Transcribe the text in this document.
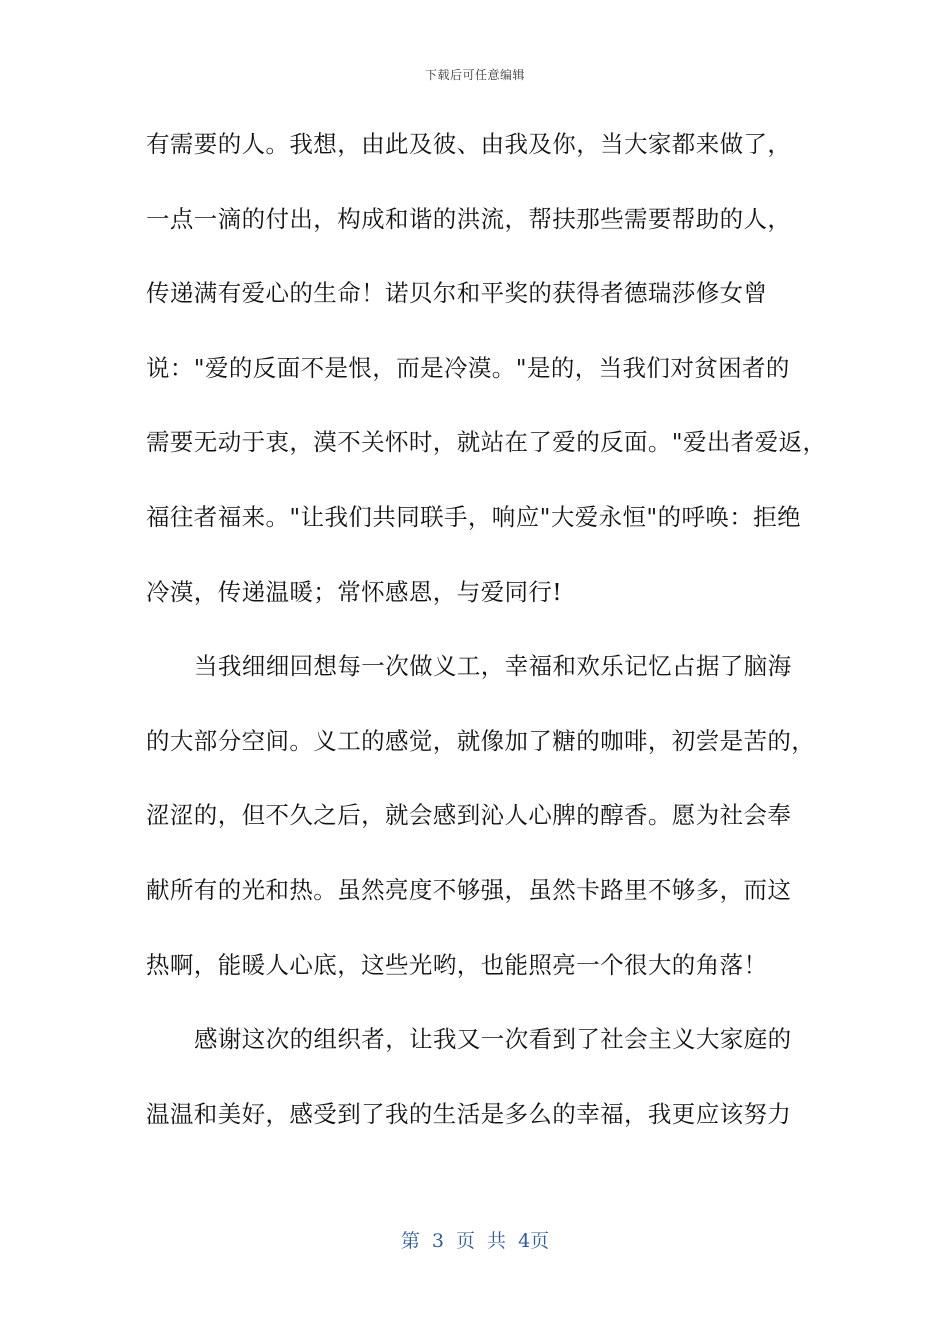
下载后可任意编辑
有需要的人。我想，由此及彼、由我及你，当大家都来做了，
一点一滴的付出，构成和谐的洪流，帮扶那些需要帮助的人，
传递满有爱心的生命！诺贝尔和平奖的获得者德瑞莎修女曾
说："爱的反面不是恨，而是冷漠。"是的，当我们对贫困者的
需要无动于衷，漠不关怀时，就站在了爱的反面。"爱出者爱返，
福往者福来。"让我们共同联手，响应"大爱永恒"的呼唤：拒绝
冷漠，传递温暖；常怀感恩，与爱同行!
当我细细回想每一次做义工，幸福和欢乐记忆占据了脑海
的大部分空间。义工的感觉，就像加了糖的咖啡，初尝是苦的，
涩涩的，但不久之后，就会感到沁人心脾的醇香。愿为社会奉
献所有的光和热。虽然亮度不够强，虽然卡路里不够多，而这
热啊，能暖人心底，这些光哟，也能照亮一个很大的角落！
感谢这次的组织者，让我又一次看到了社会主义大家庭的
温温和美好，感受到了我的生活是多么的幸福，我更应该努力
第 3 页 共 4页
